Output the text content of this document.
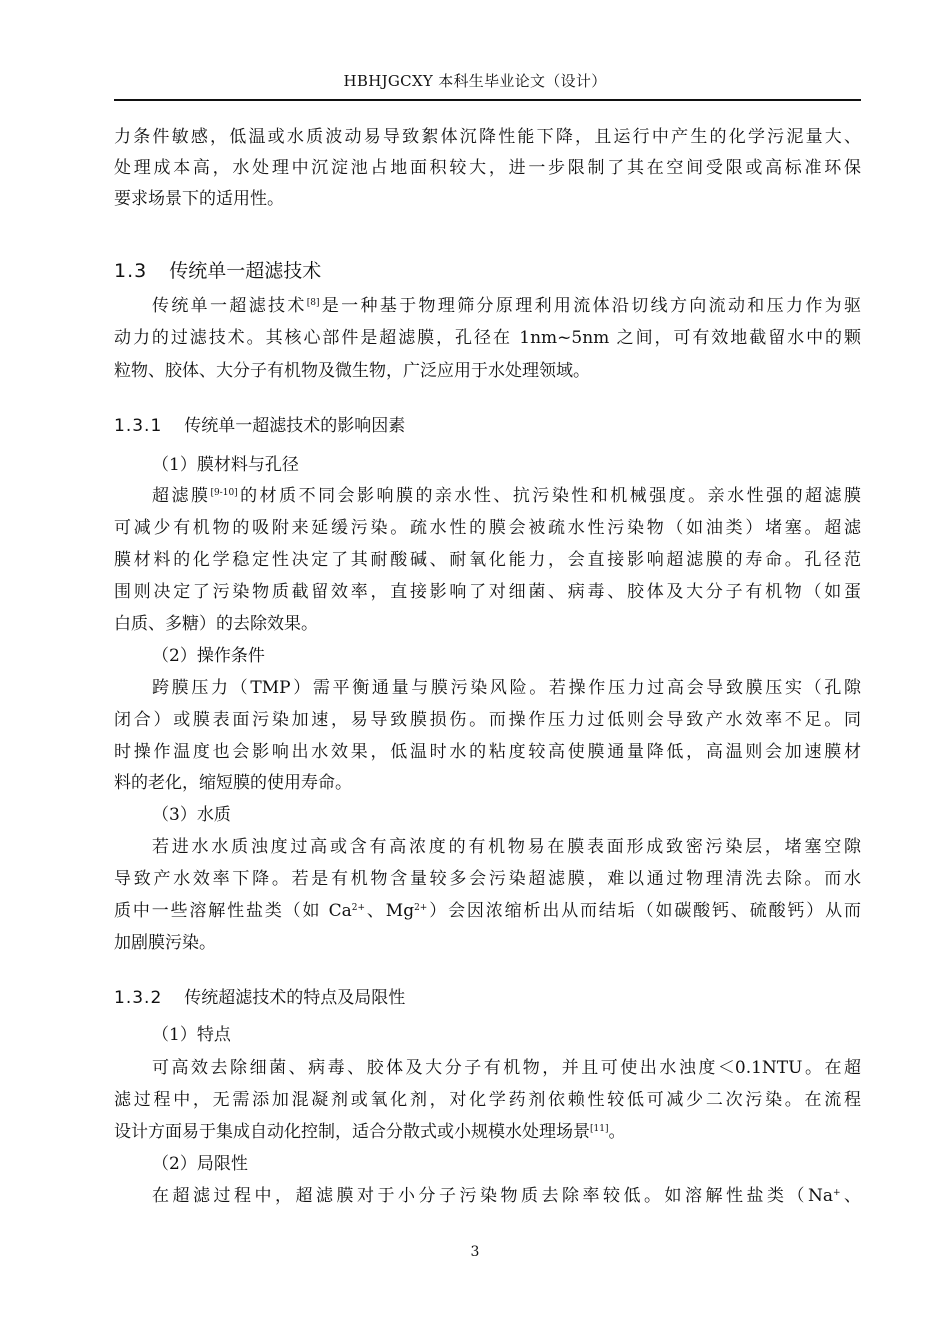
HBHJGCXY 本科生毕业论文（设计）
力条件敏感，低温或水质波动易导致絮体沉降性能下降，且运行中产生的化学污泥量大、
处理成本高，水处理中沉淀池占地面积较大，进一步限制了其在空间受限或高标准环保
要求场景下的适用性。
1.3 传统单一超滤技术
传统单一超滤技术[8]是一种基于物理筛分原理利用流体沿切线方向流动和压力作为驱
动力的过滤技术。其核心部件是超滤膜，孔径在 1nm~5nm 之间，可有效地截留水中的颗
粒物、胶体、大分子有机物及微生物，广泛应用于水处理领域。
1.3.1 传统单一超滤技术的影响因素
（1）膜材料与孔径
超滤膜[9-10]的材质不同会影响膜的亲水性、抗污染性和机械强度。亲水性强的超滤膜
可减少有机物的吸附来延缓污染。疏水性的膜会被疏水性污染物（如油类）堵塞。超滤
膜材料的化学稳定性决定了其耐酸碱、耐氧化能力，会直接影响超滤膜的寿命。孔径范
围则决定了污染物质截留效率，直接影响了对细菌、病毒、胶体及大分子有机物（如蛋
白质、多糖）的去除效果。
（2）操作条件
跨膜压力（TMP）需平衡通量与膜污染风险。若操作压力过高会导致膜压实（孔隙
闭合）或膜表面污染加速，易导致膜损伤。而操作压力过低则会导致产水效率不足。同
时操作温度也会影响出水效果，低温时水的粘度较高使膜通量降低，高温则会加速膜材
料的老化，缩短膜的使用寿命。
（3）水质
若进水水质浊度过高或含有高浓度的有机物易在膜表面形成致密污染层，堵塞空隙
导致产水效率下降。若是有机物含量较多会污染超滤膜，难以通过物理清洗去除。而水
质中一些溶解性盐类（如 $Ca^{2+}$、$Mg^{2+}$）会因浓缩析出从而结垢（如碳酸钙、硫酸钙）从而
加剧膜污染。
1.3.2 传统超滤技术的特点及局限性
（1）特点
可高效去除细菌、病毒、胶体及大分子有机物，并且可使出水浊度＜0.1NTU。在超
滤过程中，无需添加混凝剂或氧化剂，对化学药剂依赖性较低可减少二次污染。在流程
设计方面易于集成自动化控制，适合分散式或小规模水处理场景[11]。
（2）局限性
在超滤过程中，超滤膜对于小分子污染物质去除率较低。如溶解性盐类（Na+、
3
